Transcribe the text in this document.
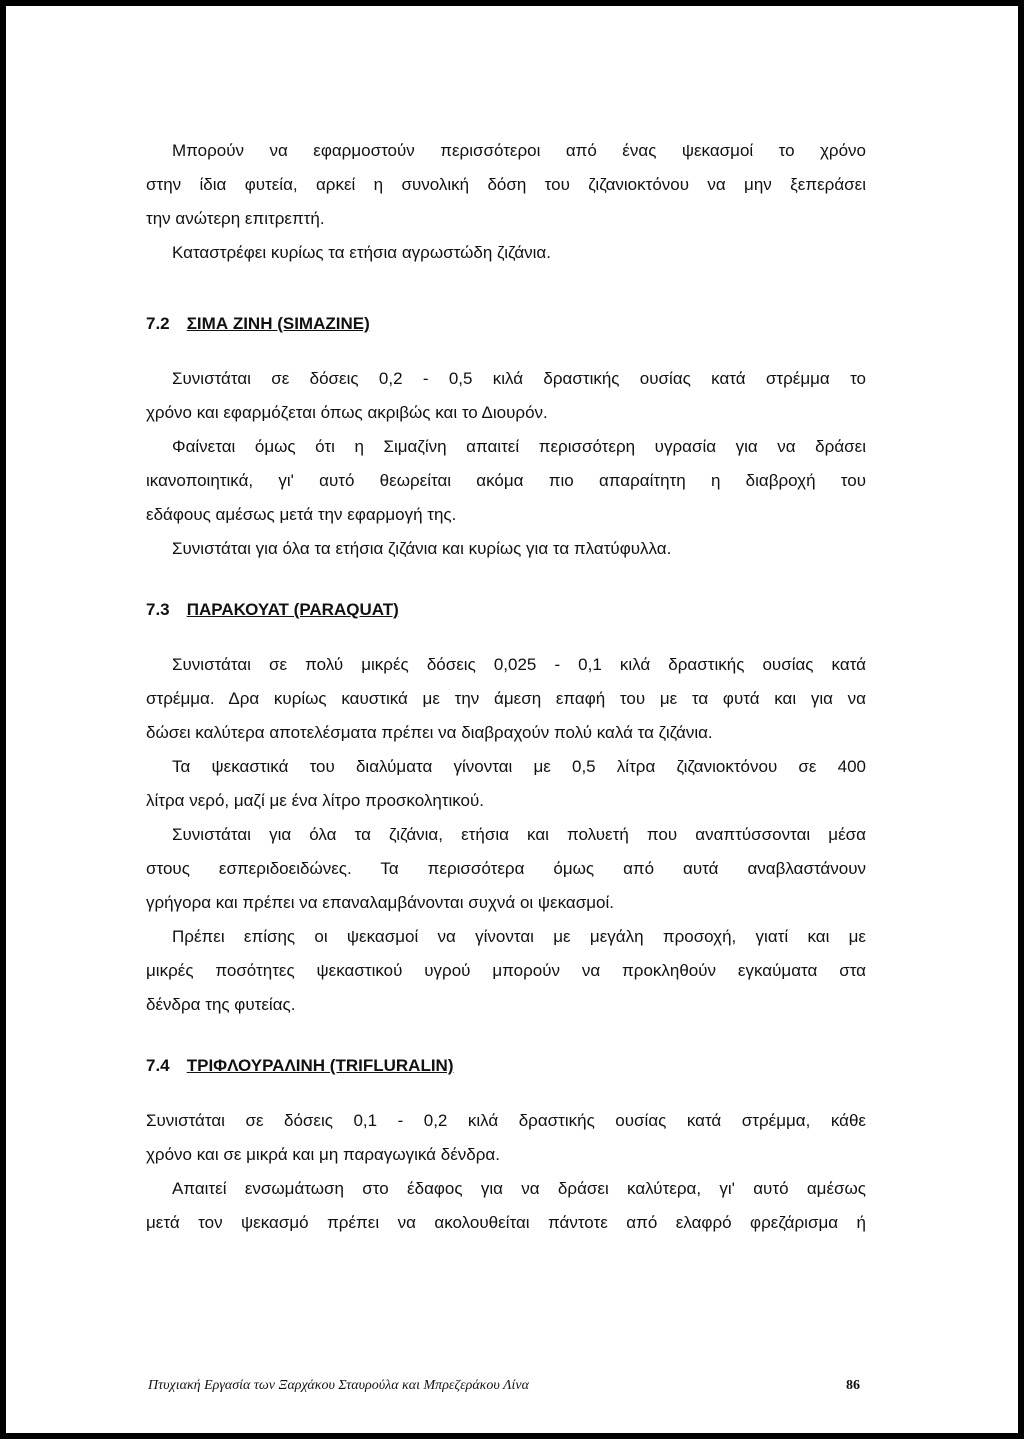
Μπορούν να εφαρμοστούν περισσότεροι από ένας ψεκασμοί το χρόνο
στην ίδια φυτεία, αρκεί η συνολική δόση του ζιζανιοκτόνου να μην ξεπεράσει
την ανώτερη επιτρεπτή.
Καταστρέφει κυρίως τα ετήσια αγρωστώδη ζιζάνια.
7.2 ΣΙΜΑ ΖΙΝΗ (SIMAZINE)
Συνιστάται σε δόσεις 0,2 - 0,5 κιλά δραστικής ουσίας κατά στρέμμα το
χρόνο και εφαρμόζεται όπως ακριβώς και το Διουρόν.
Φαίνεται όμως ότι η Σιμαζίνη απαιτεί περισσότερη υγρασία για να δράσει
ικανοποιητικά, γι' αυτό θεωρείται ακόμα πιο απαραίτητη η διαβροχή του
εδάφους αμέσως μετά την εφαρμογή της.
Συνιστάται για όλα τα ετήσια ζιζάνια και κυρίως για τα πλατύφυλλα.
7.3 ΠΑΡΑΚΟΥΑΤ (PARAQUAT)
Συνιστάται σε πολύ μικρές δόσεις 0,025 - 0,1 κιλά δραστικής ουσίας κατά
στρέμμα. Δρα κυρίως καυστικά με την άμεση επαφή του με τα φυτά και για να
δώσει καλύτερα αποτελέσματα πρέπει να διαβραχούν πολύ καλά τα ζιζάνια.
Τα ψεκαστικά του διαλύματα γίνονται με 0,5 λίτρα ζιζανιοκτόνου σε 400
λίτρα νερό, μαζί με ένα λίτρο προσκολητικού.
Συνιστάται για όλα τα ζιζάνια, ετήσια και πολυετή που αναπτύσσονται μέσα
στους εσπεριδοειδώνες. Τα περισσότερα όμως από αυτά αναβλαστάνουν
γρήγορα και πρέπει να επαναλαμβάνονται συχνά οι ψεκασμοί.
Πρέπει επίσης οι ψεκασμοί να γίνονται με μεγάλη προσοχή, γιατί και με
μικρές ποσότητες ψεκαστικού υγρού μπορούν να προκληθούν εγκαύματα στα
δένδρα της φυτείας.
7.4 ΤΡΙΦΛΟΥΡΑΛΙΝΗ (TRIFLURALIN)
Συνιστάται σε δόσεις 0,1 - 0,2 κιλά δραστικής ουσίας κατά στρέμμα, κάθε
χρόνο και σε μικρά και μη παραγωγικά δένδρα.
Απαιτεί ενσωμάτωση στο έδαφος για να δράσει καλύτερα, γι' αυτό αμέσως
μετά τον ψεκασμό πρέπει να ακολουθείται πάντοτε από ελαφρό φρεζάρισμα ή
Πτυχιακή Εργασία των Ξαρχάκου Σταυρούλα και Μπρεζεράκου Λίνα	86
